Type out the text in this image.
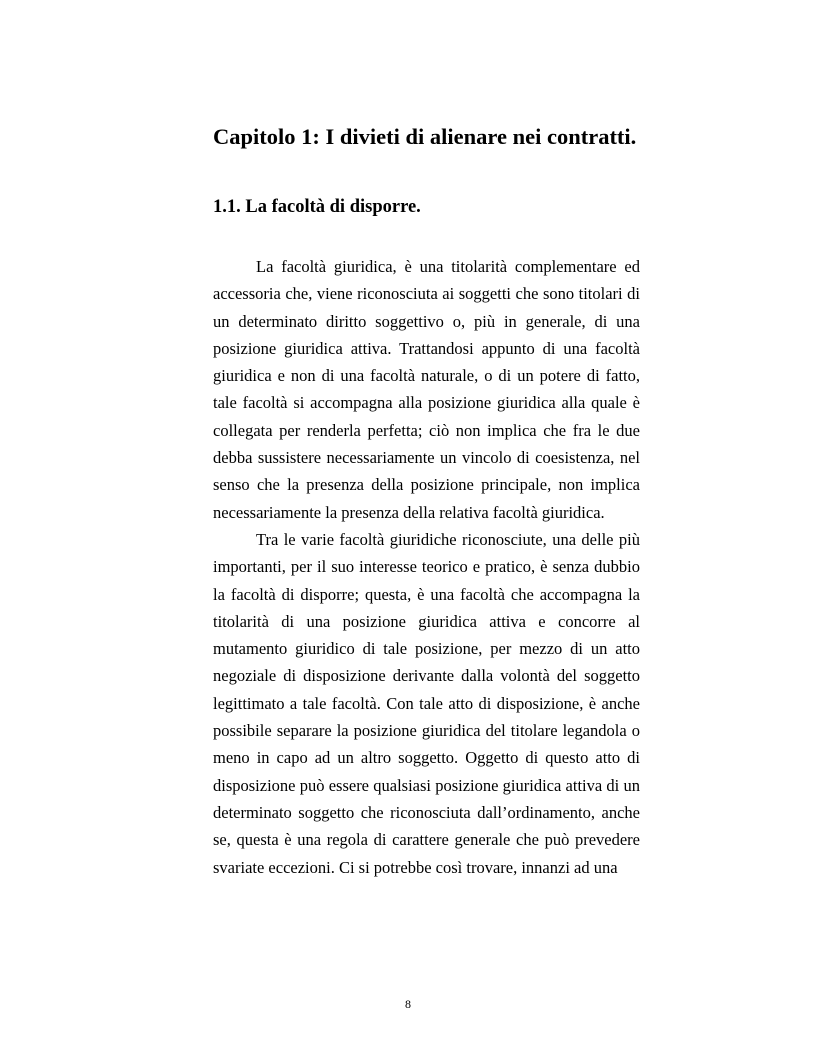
Capitolo 1: I divieti di alienare nei contratti.
1.1. La facoltà di disporre.

La facoltà giuridica, è una titolarità complementare ed accessoria che, viene riconosciuta ai soggetti che sono titolari di un determinato diritto soggettivo o, più in generale, di una posizione giuridica attiva. Trattandosi appunto di una facoltà giuridica e non di una facoltà naturale, o di un potere di fatto, tale facoltà si accompagna alla posizione giuridica alla quale è collegata per renderla perfetta; ciò non implica che fra le due debba sussistere necessariamente un vincolo di coesistenza, nel senso che la presenza della posizione principale, non implica necessariamente la presenza della relativa facoltà giuridica.

Tra le varie facoltà giuridiche riconosciute, una delle più importanti, per il suo interesse teorico e pratico, è senza dubbio la facoltà di disporre; questa, è una facoltà che accompagna la titolarità di una posizione giuridica attiva e concorre al mutamento giuridico di tale posizione, per mezzo di un atto negoziale di disposizione derivante dalla volontà del soggetto legittimato a tale facoltà. Con tale atto di disposizione, è anche possibile separare la posizione giuridica del titolare legandola o meno in capo ad un altro soggetto. Oggetto di questo atto di disposizione può essere qualsiasi posizione giuridica attiva di un determinato soggetto che riconosciuta dall’ordinamento, anche se, questa è una regola di carattere generale che può prevedere svariate eccezioni. Ci si potrebbe così trovare, innanzi ad una

8
